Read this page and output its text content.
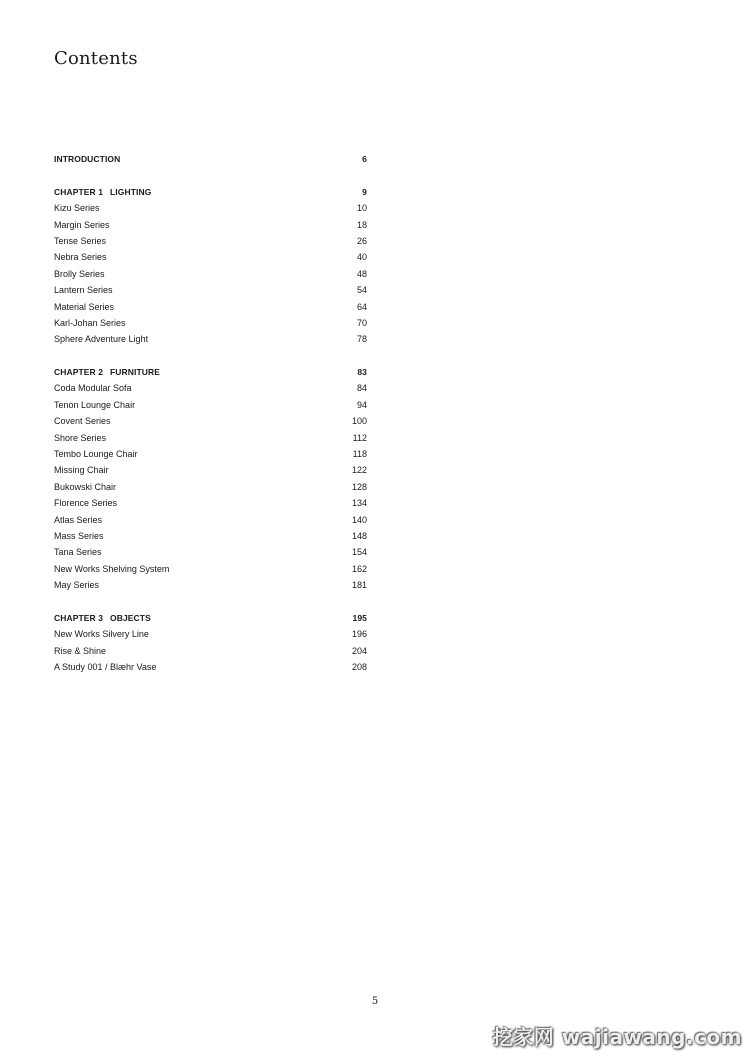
Contents
INTRODUCTION	6
CHAPTER 1 LIGHTING	9
Kizu Series	10
Margin Series	18
Tense Series	26
Nebra Series	40
Brolly Series	48
Lantern Series	54
Material Series	64
Karl-Johan Series	70
Sphere Adventure Light	78
CHAPTER 2 FURNITURE	83
Coda Modular Sofa	84
Tenon Lounge Chair	94
Covent Series	100
Shore Series	112
Tembo Lounge Chair	118
Missing Chair	122
Bukowski Chair	128
Florence Series	134
Atlas Series	140
Mass Series	148
Tana Series	154
New Works Shelving System	162
May Series	181
CHAPTER 3 OBJECTS	195
New Works Silvery Line	196
Rise & Shine	204
A Study 001 / Blæhr Vase	208
5
挖家网 wajiawang.com
